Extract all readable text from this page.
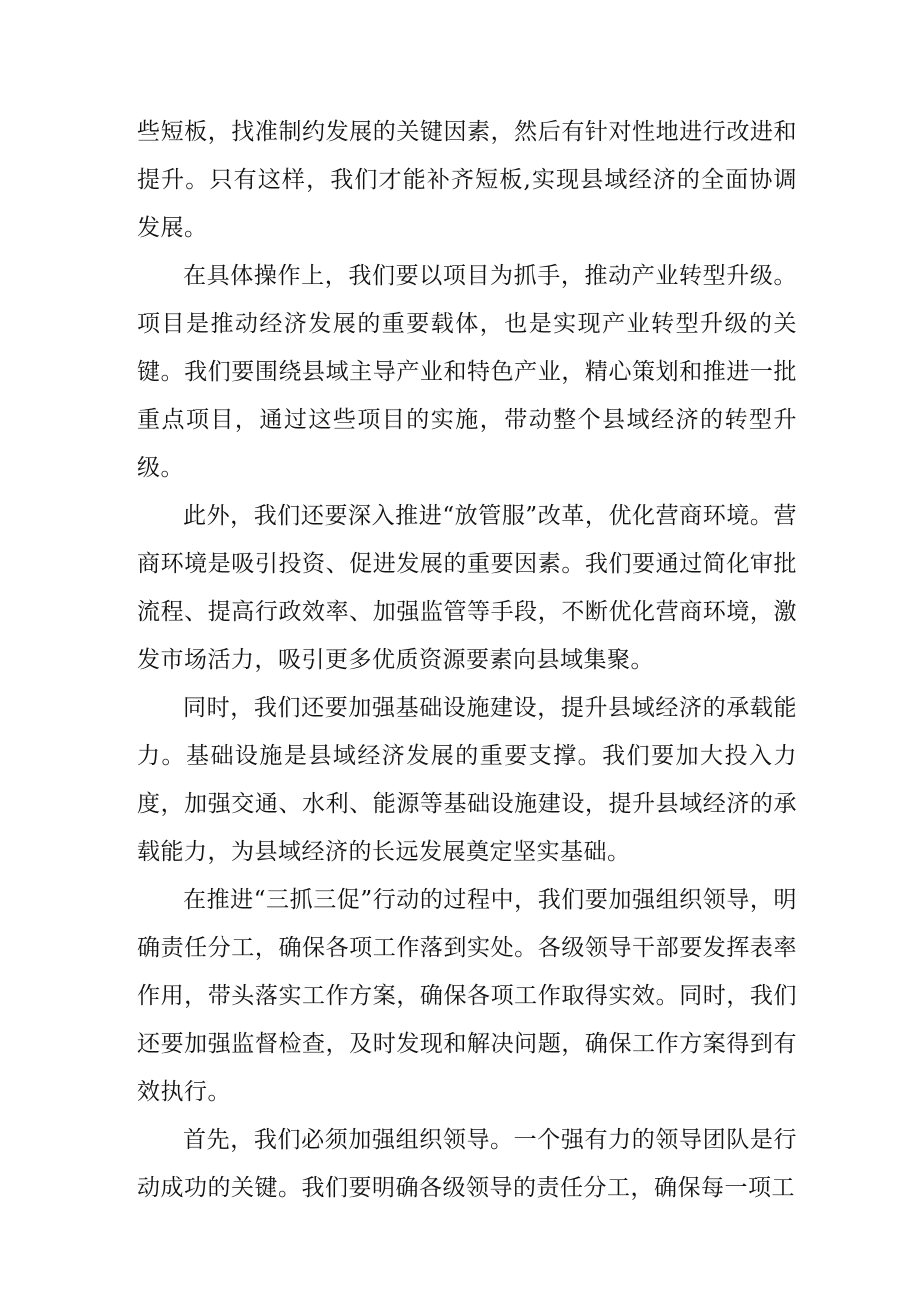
些短板，找准制约发展的关键因素，然后有针对性地进行改进和提升。只有这样，我们才能补齐短板,实现县域经济的全面协调发展。

在具体操作上，我们要以项目为抓手，推动产业转型升级。项目是推动经济发展的重要载体，也是实现产业转型升级的关键。我们要围绕县域主导产业和特色产业，精心策划和推进一批重点项目，通过这些项目的实施，带动整个县域经济的转型升级。

此外，我们还要深入推进“放管服”改革，优化营商环境。营商环境是吸引投资、促进发展的重要因素。我们要通过简化审批流程、提高行政效率、加强监管等手段，不断优化营商环境，激发市场活力，吸引更多优质资源要素向县域集聚。

同时，我们还要加强基础设施建设，提升县域经济的承载能力。基础设施是县域经济发展的重要支撑。我们要加大投入力度，加强交通、水利、能源等基础设施建设，提升县域经济的承载能力，为县域经济的长远发展奠定坚实基础。

在推进“三抓三促”行动的过程中，我们要加强组织领导，明确责任分工，确保各项工作落到实处。各级领导干部要发挥表率作用，带头落实工作方案，确保各项工作取得实效。同时，我们还要加强监督检查，及时发现和解决问题，确保工作方案得到有效执行。

首先，我们必须加强组织领导。一个强有力的领导团队是行动成功的关键。我们要明确各级领导的责任分工，确保每一项工
